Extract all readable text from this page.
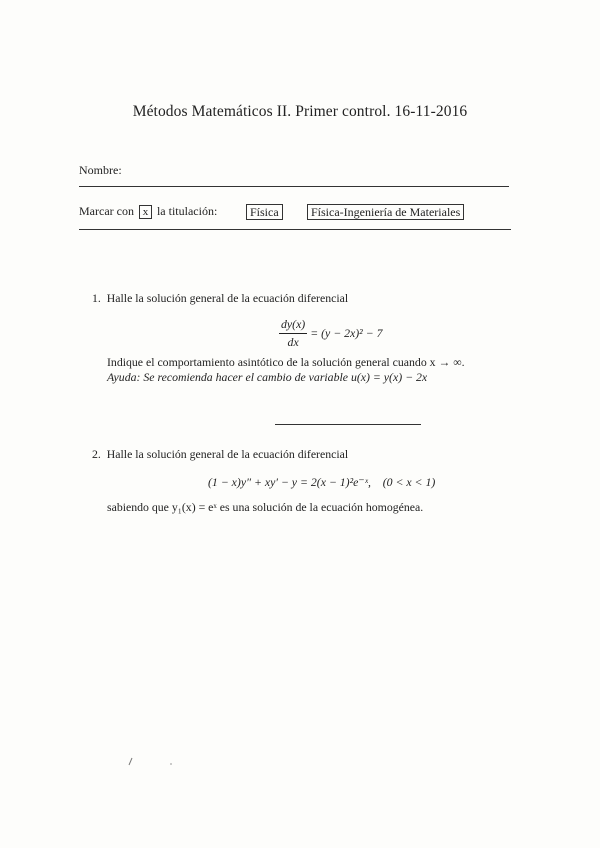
Métodos Matemáticos II. Primer control. 16-11-2016
Nombre:
Marcar con x la titulación:	Física	Física-Ingeniería de Materiales
1. Halle la solución general de la ecuación diferencial
$\frac{dy(x)}{dx} = (y - 2x)^2 - 7$
Indique el comportamiento asintótico de la solución general cuando x → ∞.
Ayuda: Se recomienda hacer el cambio de variable u(x) = y(x) − 2x
2. Halle la solución general de la ecuación diferencial
(1 − x)y″ + xy′ − y = 2(x − 1)²e⁻ˣ,    (0 < x < 1)
sabiendo que y₁(x) = eˣ es una solución de la ecuación homogénea.
